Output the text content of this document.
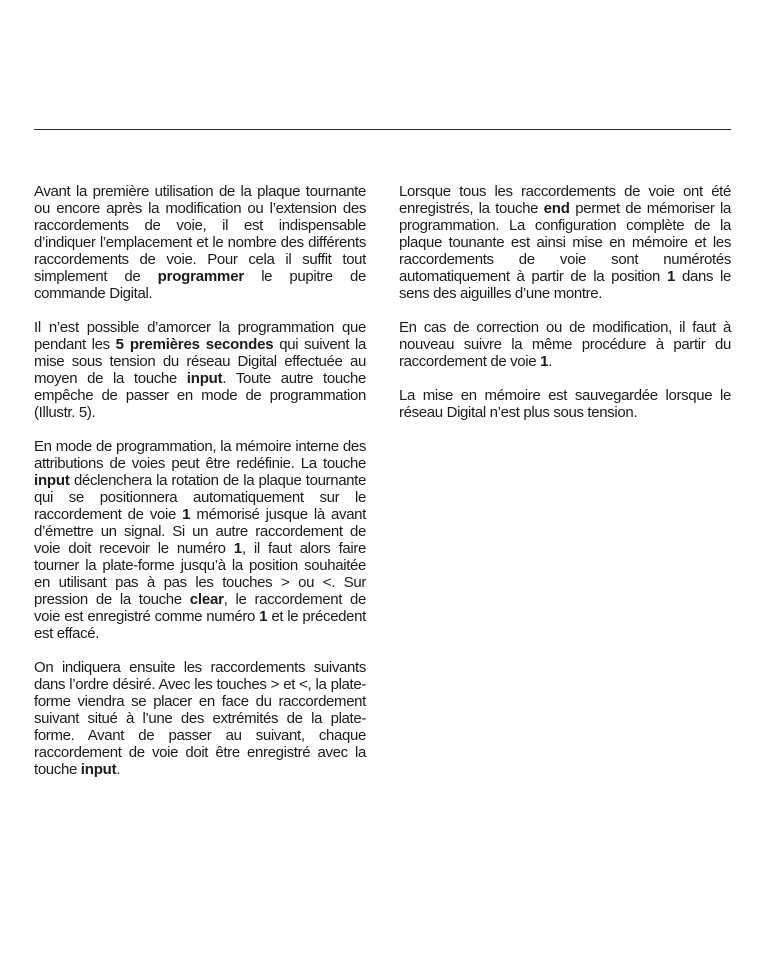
Avant la première utilisation de la plaque tournante ou encore après la modification ou l’extension des raccordements de voie, il est indispensable d’indiquer l’emplacement et le nombre des différents raccordements de voie. Pour cela il suffit tout simplement de programmer le pupitre de commande Digital.

Il n’est possible d’amorcer la programmation que pendant les 5 premières secondes qui suivent la mise sous tension du réseau Digital effectuée au moyen de la touche input. Toute autre touche empêche de passer en mode de programmation (Illustr. 5).

En mode de programmation, la mémoire interne des attributions de voies peut être redéfinie. La touche input déclenchera la rotation de la plaque tournante qui se positionnera automatiquement sur le raccordement de voie 1 mémorisé jusque là avant d’émettre un signal. Si un autre raccordement de voie doit recevoir le numéro 1, il faut alors faire tourner la plate-forme jusqu’à la position souhaitée en utilisant pas à pas les touches > ou <. Sur pression de la touche clear, le raccordement de voie est enregistré comme numéro 1 et le précedent est effacé.

On indiquera ensuite les raccordements suivants dans l’ordre désiré. Avec les touches > et <, la plate-forme viendra se placer en face du raccordement suivant situé à l’une des extrémités de la plate-forme. Avant de passer au suivant, chaque raccordement de voie doit être enregistré avec la touche input.

Lorsque tous les raccordements de voie ont été enregistrés, la touche end permet de mémoriser la programmation. La configuration complète de la plaque tounante est ainsi mise en mémoire et les raccordements de voie sont numérotés automatiquement à partir de la position 1 dans le sens des aiguilles d’une montre.

En cas de correction ou de modification, il faut à nouveau suivre la même procédure à partir du raccordement de voie 1.

La mise en mémoire est sauvegardée lorsque le réseau Digital n’est plus sous tension.
